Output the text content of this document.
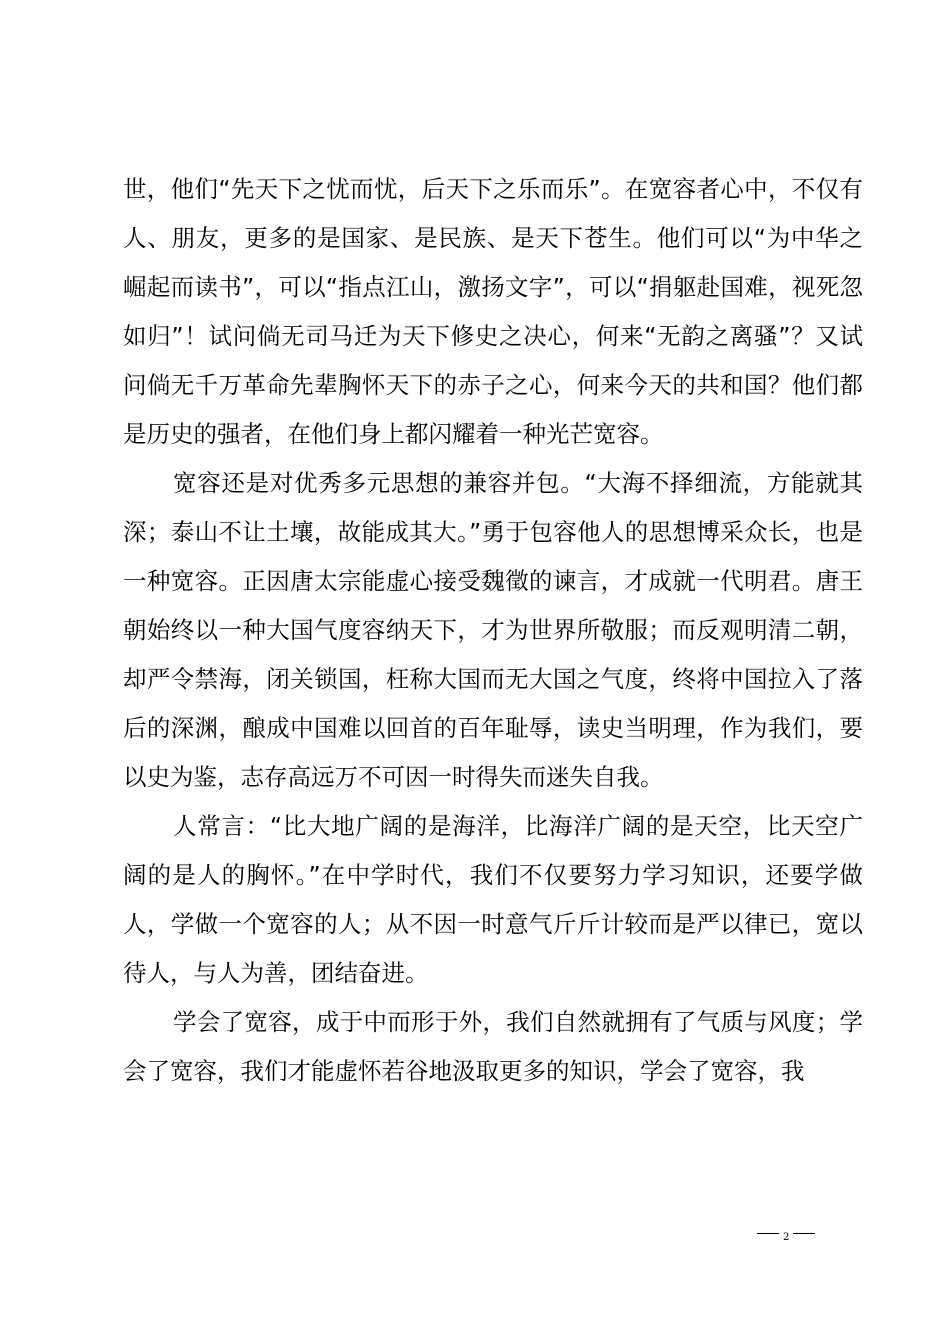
世，他们“先天下之忧而忧，后天下之乐而乐”。在宽容者心中，不仅有人、朋友，更多的是国家、是民族、是天下苍生。他们可以“为中华之崛起而读书”，可以“指点江山，激扬文字”，可以“捐躯赴国难，视死忽如归”！试问倘无司马迁为天下修史之决心，何来“无韵之离骚”？又试问倘无千万革命先辈胸怀天下的赤子之心，何来今天的共和国？他们都是历史的强者，在他们身上都闪耀着一种光芒宽容。

宽容还是对优秀多元思想的兼容并包。“大海不择细流，方能就其深；泰山不让土壤，故能成其大。”勇于包容他人的思想博采众长，也是一种宽容。正因唐太宗能虚心接受魏徵的谏言，才成就一代明君。唐王朝始终以一种大国气度容纳天下，才为世界所敬服；而反观明清二朝，却严令禁海，闭关锁国，枉称大国而无大国之气度，终将中国拉入了落后的深渊，酿成中国难以回首的百年耻辱，读史当明理，作为我们，要以史为鉴，志存高远万不可因一时得失而迷失自我。

人常言：“比大地广阔的是海洋，比海洋广阔的是天空，比天空广阔的是人的胸怀。”在中学时代，我们不仅要努力学习知识，还要学做人，学做一个宽容的人；从不因一时意气斤斤计较而是严以律已，宽以待人，与人为善，团结奋进。

学会了宽容，成于中而形于外，我们自然就拥有了气质与风度；学会了宽容，我们才能虚怀若谷地汲取更多的知识，学会了宽容，我

2
